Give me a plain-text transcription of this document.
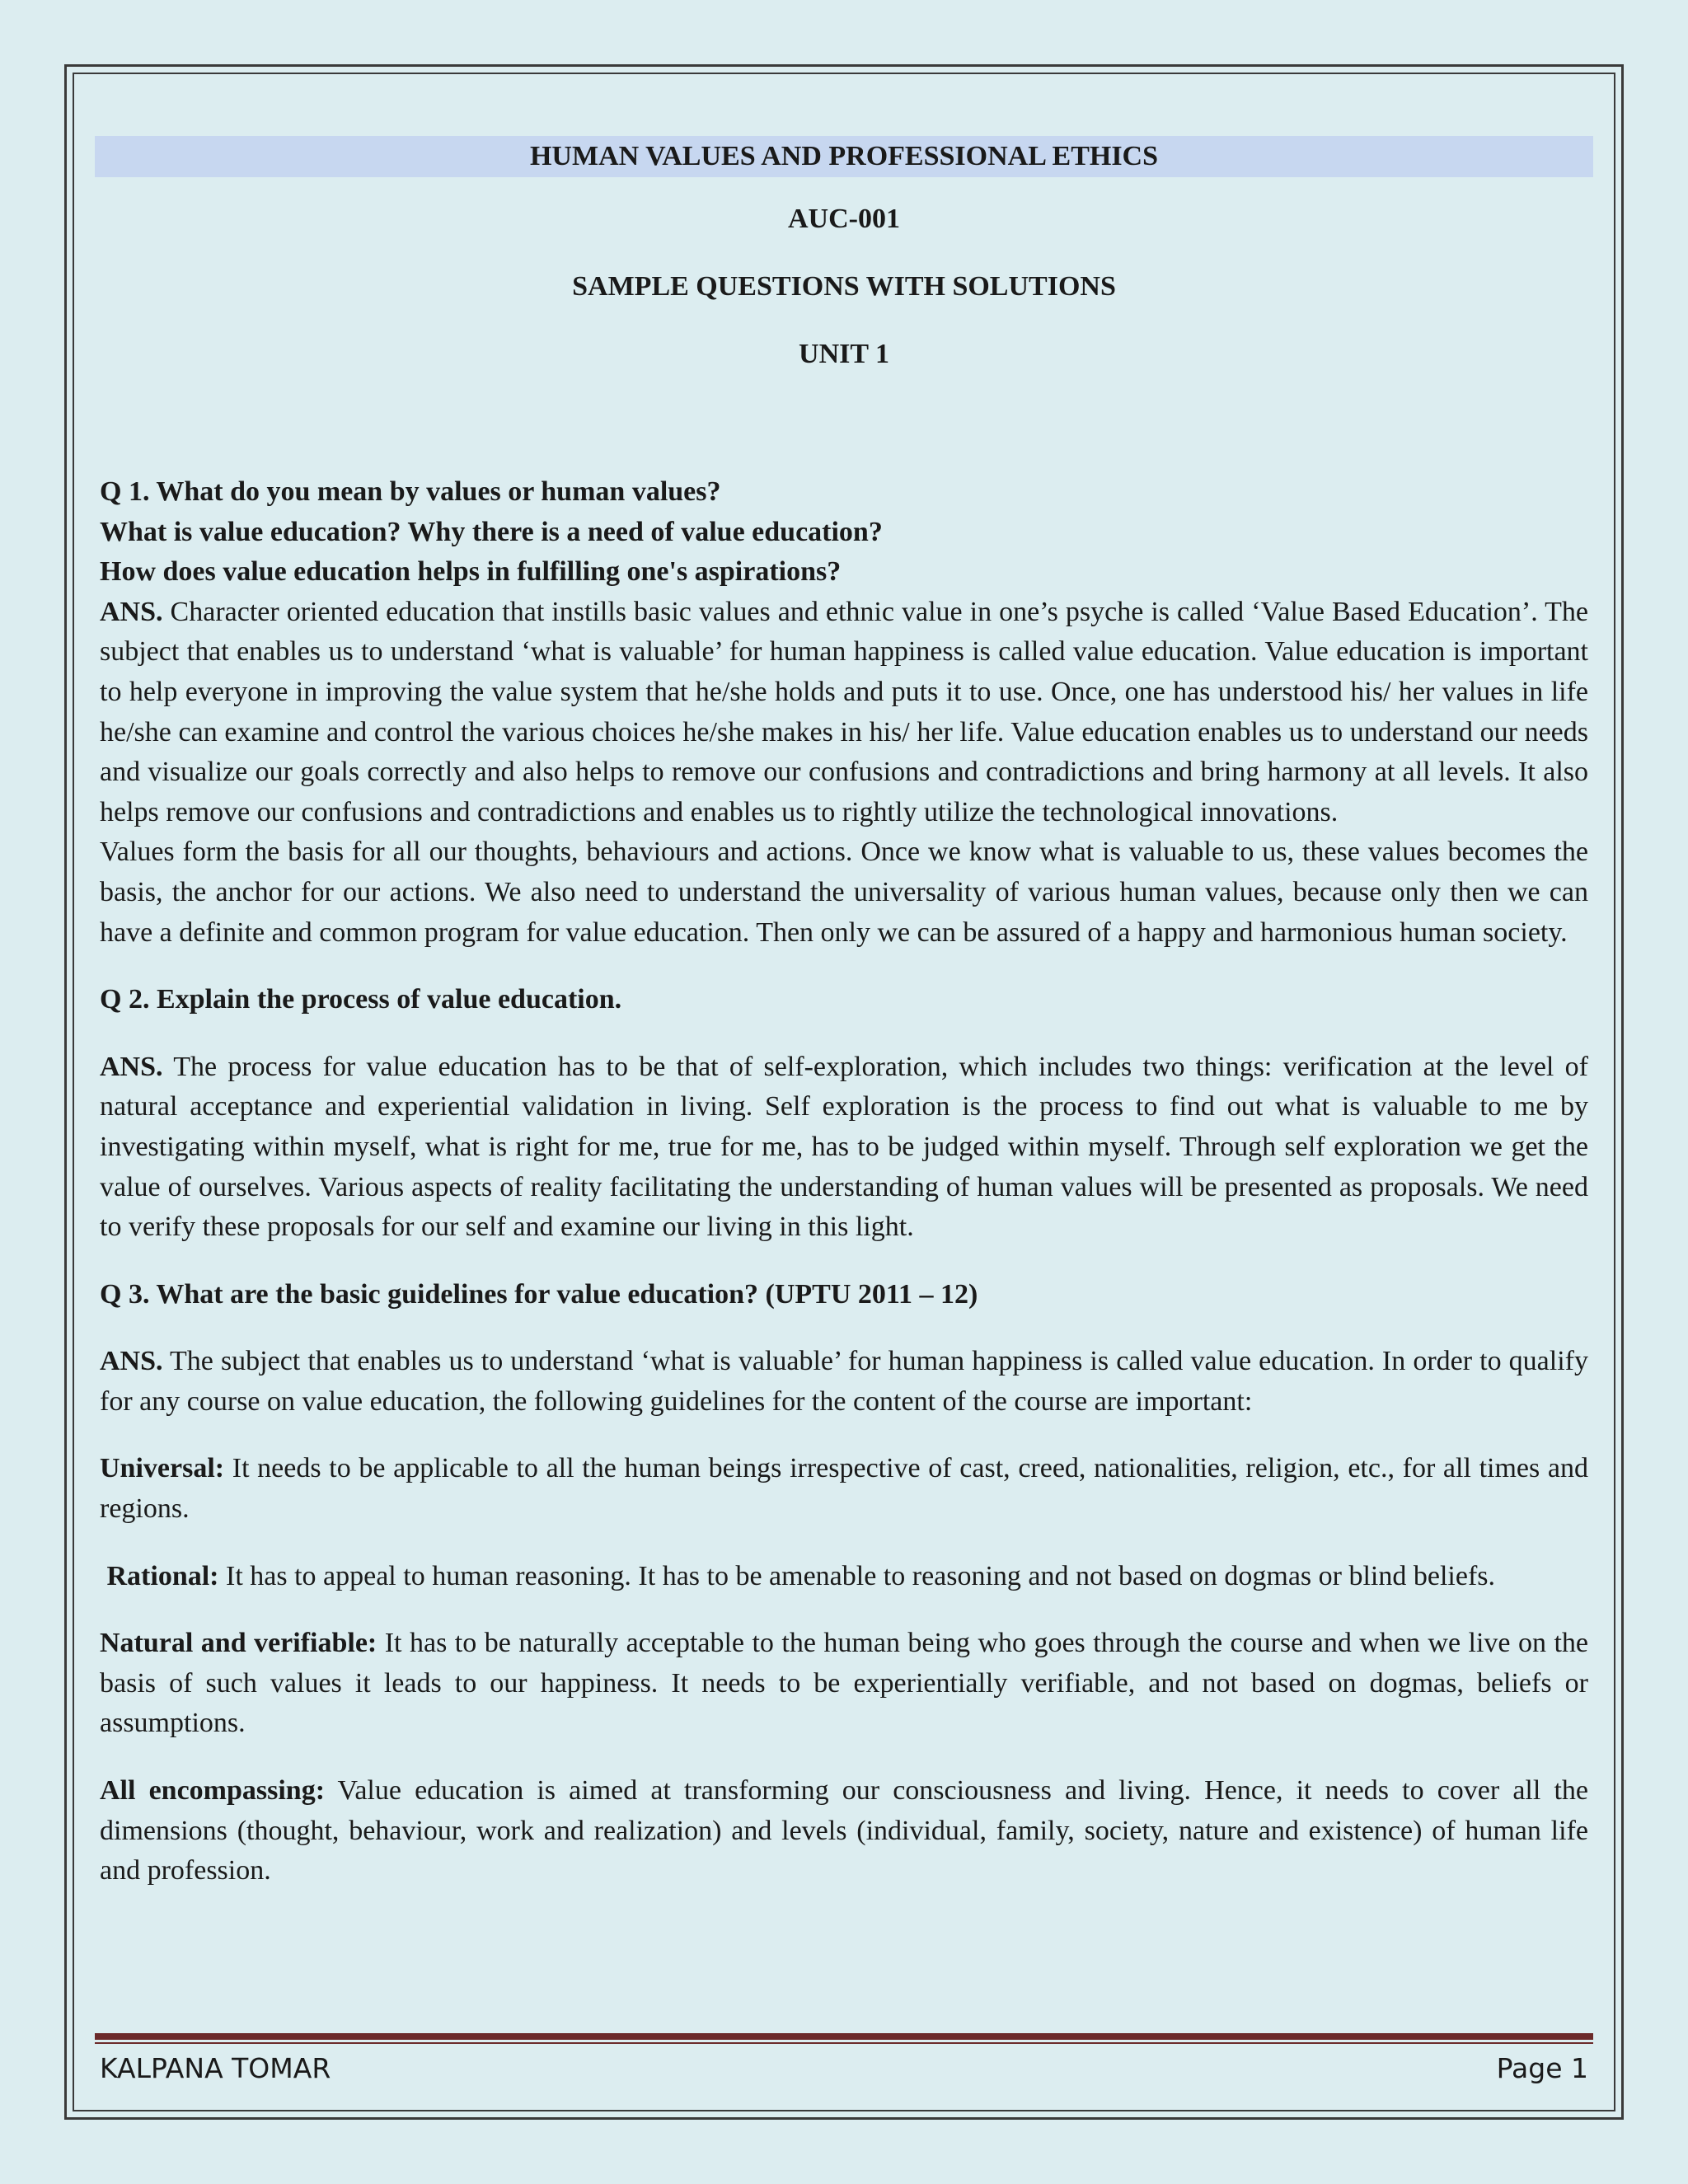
HUMAN VALUES AND PROFESSIONAL ETHICS
AUC-001
SAMPLE QUESTIONS WITH SOLUTIONS
UNIT 1

Q 1. What do you mean by values or human values?

What is value education? Why there is a need of value education?

How does value education helps in fulfilling one's aspirations?

ANS. Character oriented education that instills basic values and ethnic value in one’s psyche is called ‘Value Based Education’. The subject that enables us to understand ‘what is valuable’ for human happiness is called value education. Value education is important to help everyone in improving the value system that he/she holds and puts it to use. Once, one has understood his/ her values in life he/she can examine and control the various choices he/she makes in his/ her life. Value education enables us to understand our needs and visualize our goals correctly and also helps to remove our confusions and contradictions and bring harmony at all levels. It also helps remove our confusions and contradictions and enables us to rightly utilize the technological innovations.

Values form the basis for all our thoughts, behaviours and actions. Once we know what is valuable to us, these values becomes the basis, the anchor for our actions. We also need to understand the universality of various human values, because only then we can have a definite and common program for value education. Then only we can be assured of a happy and harmonious human society.

Q 2. Explain the process of value education.

ANS. The process for value education has to be that of self-exploration, which includes two things: verification at the level of natural acceptance and experiential validation in living. Self exploration is the process to find out what is valuable to me by investigating within myself, what is right for me, true for me, has to be judged within myself. Through self exploration we get the value of ourselves. Various aspects of reality facilitating the understanding of human values will be presented as proposals. We need to verify these proposals for our self and examine our living in this light.

Q 3. What are the basic guidelines for value education? (UPTU 2011 – 12)

ANS. The subject that enables us to understand ‘what is valuable’ for human happiness is called value education. In order to qualify for any course on value education, the following guidelines for the content of the course are important:

Universal: It needs to be applicable to all the human beings irrespective of cast, creed, nationalities, religion, etc., for all times and regions.

Rational: It has to appeal to human reasoning. It has to be amenable to reasoning and not based on dogmas or blind beliefs.

Natural and verifiable: It has to be naturally acceptable to the human being who goes through the course and when we live on the basis of such values it leads to our happiness. It needs to be experientially verifiable, and not based on dogmas, beliefs or assumptions.

All encompassing: Value education is aimed at transforming our consciousness and living. Hence, it needs to cover all the dimensions (thought, behaviour, work and realization) and levels (individual, family, society, nature and existence) of human life and profession.

KALPANA TOMAR	Page 1
